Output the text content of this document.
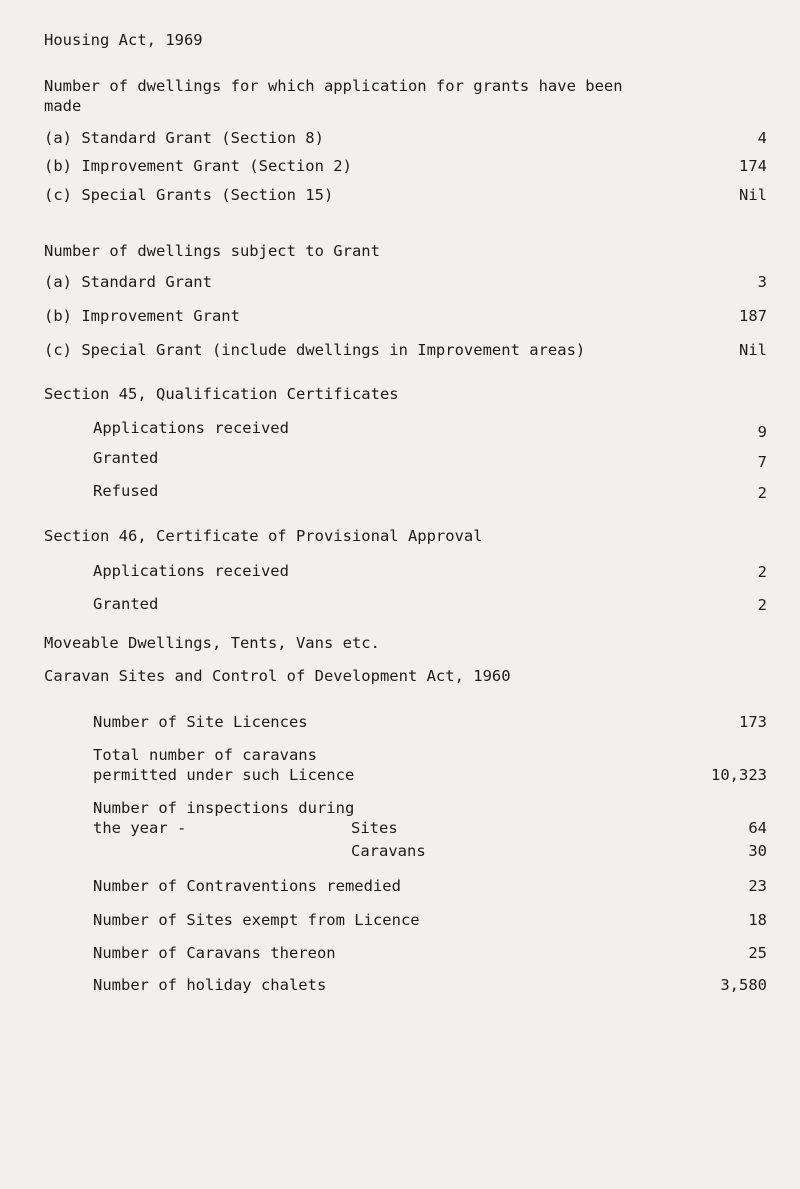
Housing Act, 1969
Number of dwellings for which application for grants have been
made
(a) Standard Grant (Section 8)	4
(b) Improvement Grant (Section 2)	174
(c) Special Grants (Section 15)	Nil
Number of dwellings subject to Grant
(a) Standard Grant	3
(b) Improvement Grant	187
(c) Special Grant (include dwellings in Improvement areas)	Nil
Section 45, Qualification Certificates
Applications received	9
Granted	7
Refused	2
Section 46, Certificate of Provisional Approval
Applications received	2
Granted	2
Moveable Dwellings, Tents, Vans etc.
Caravan Sites and Control of Development Act, 1960
Number of Site Licences	173
Total number of caravans
permitted under such Licence	10,323
Number of inspections during
the year -	Sites	64
Caravans	30
Number of Contraventions remedied	23
Number of Sites exempt from Licence	18
Number of Caravans thereon	25
Number of holiday chalets	3,580
